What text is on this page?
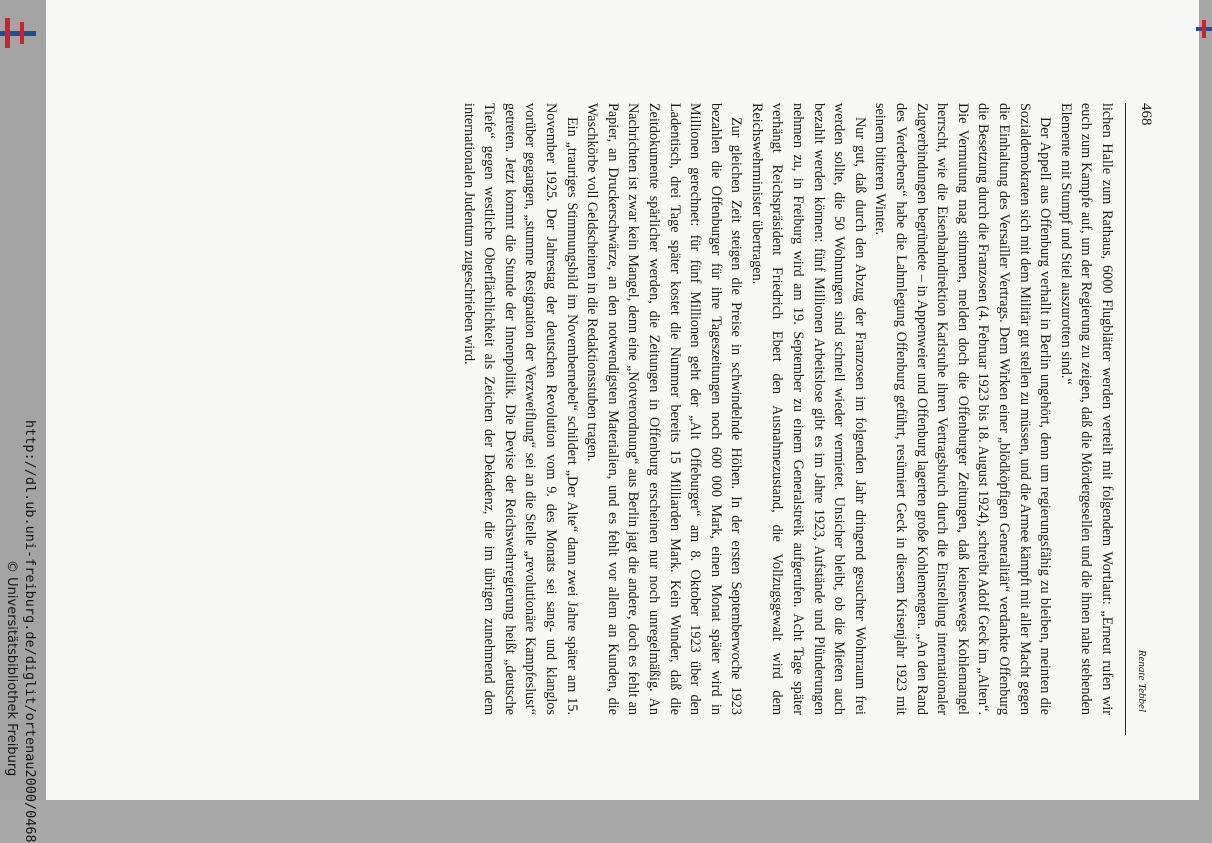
468
Renate Tebbel

lichen Halle zum Rathaus, 6000 Flugblätter werden verteilt mit folgendem Wortlaut: „Erneut rufen wir euch zum Kampfe auf, um der Regierung zu zeigen, daß die Mördergesellen und die ihnen nahe stehenden Elemente mit Stumpf und Stiel auszurotten sind.“

Der Appell aus Offenburg verhallt in Berlin ungehört, denn um regierungsfähig zu bleiben, meinten die Sozialdemokraten sich mit dem Militär gut stellen zu müssen, und die Armee kämpft mit aller Macht gegen die Einhaltung des Versailler Vertrags. Dem Wirken einer „blödköpfigen Generalität“ verdankte Offenburg die Besetzung durch die Franzosen (4. Februar 1923 bis 18. August 1924), schreibt Adolf Geck im „Alten“. Die Vermutung mag stimmen, melden doch die Offenburger Zeitungen, daß keineswegs Kohlemangel herrscht, wie die Eisenbahndirektion Karlsruhe ihren Vertragsbruch durch die Einstellung internationaler Zugverbindungen begründete – in Appenweier und Offenburg lagerten große Kohlemengen. „An den Rand des Verderbens“ habe die Lahmlegung Offenburg geführt, resümiert Geck in diesem Krisenjahr 1923 mit seinem bitteren Winter.

Nur gut, daß durch den Abzug der Franzosen im folgenden Jahr dringend gesuchter Wohnraum frei werden sollte, die 50 Wohnungen sind schnell wieder vermietet. Unsicher bleibt, ob die Mieten auch bezahlt werden können: fünf Millionen Arbeitslose gibt es im Jahre 1923, Aufstände und Plünderungen nehmen zu, in Freiburg wird am 19. September zu einem Generalstreik aufgerufen. Acht Tage später verhängt Reichspräsident Friedrich Ebert den Ausnahmezustand, die Vollzugsgewalt wird dem Reichswehrminister übertragen.

Zur gleichen Zeit steigen die Preise in schwindelnde Höhen. In der ersten Septemberwoche 1923 bezahlen die Offenburger für ihre Tageszeitungen noch 600 000 Mark, einen Monat später wird in Millionen gerechnet: für fünf Millionen geht der „Alt Offeburger“ am 8. Oktober 1923 über den Ladentisch, drei Tage später kostet die Nummer bereits 15 Milliarden Mark. Kein Wunder, daß die Zeitdokumente spärlicher werden, die Zeitungen in Offenburg erscheinen nur noch unregelmäßig. An Nachrichten ist zwar kein Mangel, denn eine „Notverordnung“ aus Berlin jagt die andere, doch es fehlt an Papier, an Druckerschwärze, an den notwendigsten Materialien, und es fehlt vor allem an Kunden, die Waschkörbe voll Geldscheinen in die Redaktionsstuben tragen.

Ein „trauriges Stimmungsbild im Novembernebel“ schildert „Der Alte“ dann zwei Jahre später am 15. November 1925. Der Jahrestag der deutschen Revolution vom 9. des Monats sei sang- und klanglos vorüber gegangen, „stumme Resignation der Verzweiflung“ sei an die Stelle „revolutionäre Kampfeslust“ getreten. Jetzt kommt die Stunde der Innenpolitik. Die Devise der Reichswehrregierung heißt „deutsche Tiefe“ gegen westliche Oberflächlichkeit als Zeichen der Dekadenz, die im übrigen zunehmend dem internationalen Judentum zugeschrieben wird.

http://dl.ub.uni-freiburg.de/diglit/ortenau2000/0468
© Universitätsbibliothek Freiburg
